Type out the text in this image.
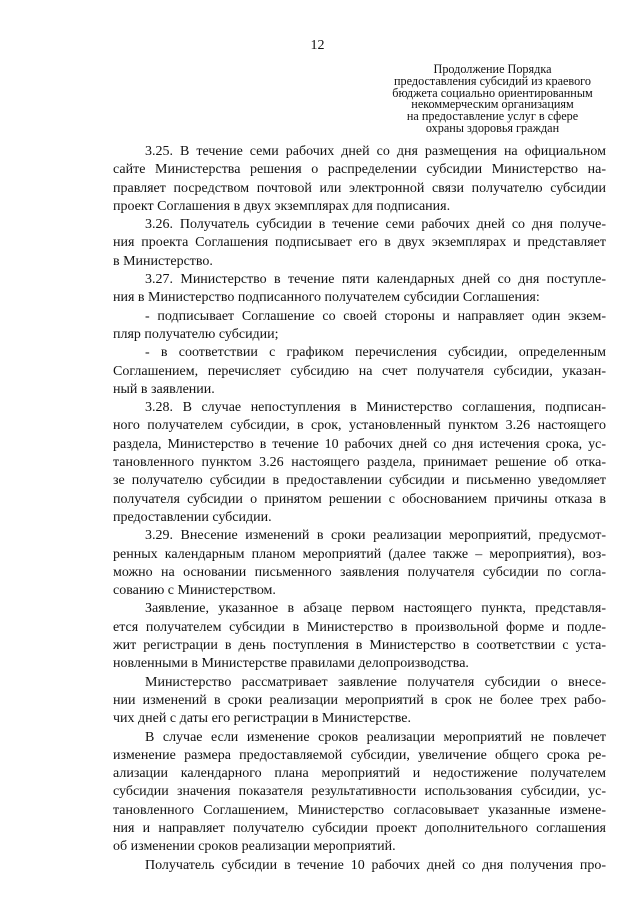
12
Продолжение Порядка
предоставления субсидий из краевого
бюджета социально ориентированным
некоммерческим организациям
на предоставление услуг в сфере
охраны здоровья граждан
3.25. В течение семи рабочих дней со дня размещения на официальном
сайте Министерства решения о распределении субсидии Министерство на-
правляет посредством почтовой или электронной связи получателю субсидии
проект Соглашения в двух экземплярах для подписания.
3.26. Получатель субсидии в течение семи рабочих дней со дня получе-
ния проекта Соглашения подписывает его в двух экземплярах и представляет
в Министерство.
3.27. Министерство в течение пяти календарных дней со дня поступле-
ния в Министерство подписанного получателем субсидии Соглашения:
- подписывает Соглашение со своей стороны и направляет один экзем-
пляр получателю субсидии;
- в соответствии с графиком перечисления субсидии, определенным
Соглашением, перечисляет субсидию на счет получателя субсидии, указан-
ный в заявлении.
3.28. В случае непоступления в Министерство соглашения, подписан-
ного получателем субсидии, в срок, установленный пунктом 3.26 настоящего
раздела, Министерство в течение 10 рабочих дней со дня истечения срока, ус-
тановленного пунктом 3.26 настоящего раздела, принимает решение об отка-
зе получателю субсидии в предоставлении субсидии и письменно уведомляет
получателя субсидии о принятом решении с обоснованием причины отказа в
предоставлении субсидии.
3.29. Внесение изменений в сроки реализации мероприятий, предусмот-
ренных календарным планом мероприятий (далее также – мероприятия), воз-
можно на основании письменного заявления получателя субсидии по согла-
сованию с Министерством.
Заявление, указанное в абзаце первом настоящего пункта, представля-
ется получателем субсидии в Министерство в произвольной форме и подле-
жит регистрации в день поступления в Министерство в соответствии с уста-
новленными в Министерстве правилами делопроизводства.
Министерство рассматривает заявление получателя субсидии о внесе-
нии изменений в сроки реализации мероприятий в срок не более трех рабо-
чих дней с даты его регистрации в Министерстве.
В случае если изменение сроков реализации мероприятий не повлечет
изменение размера предоставляемой субсидии, увеличение общего срока ре-
ализации календарного плана мероприятий и недостижение получателем
субсидии значения показателя результативности использования субсидии, ус-
тановленного Соглашением, Министерство согласовывает указанные измене-
ния и направляет получателю субсидии проект дополнительного соглашения
об изменении сроков реализации мероприятий.
Получатель субсидии в течение 10 рабочих дней со дня получения про-
